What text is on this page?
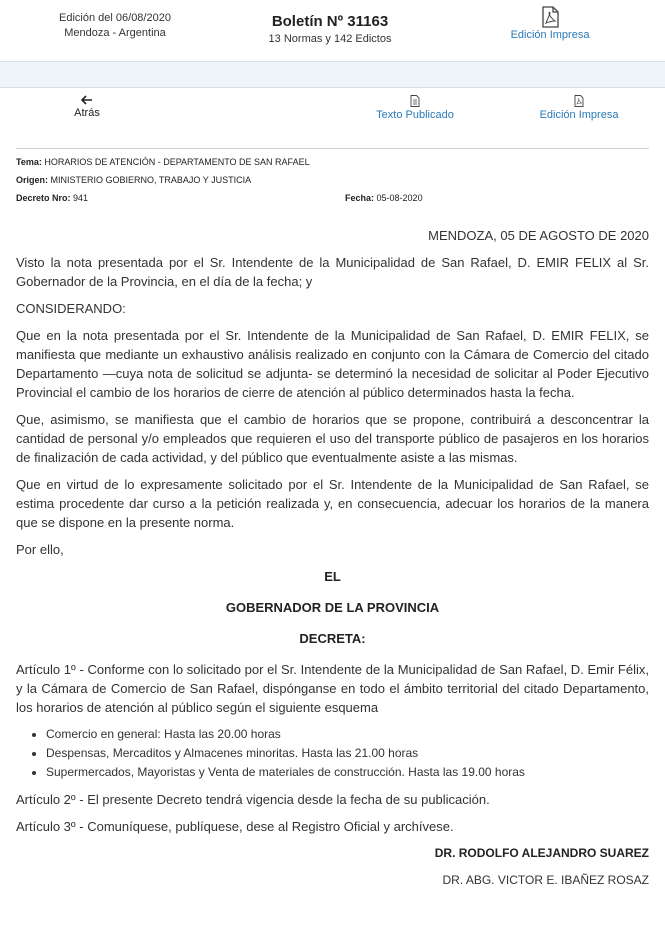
Edición del 06/08/2020
Mendoza - Argentina
Boletín Nº 31163
13 Normas y 142 Edictos	Edición Impresa
Atrás	Texto Publicado	Edición Impresa
Tema: HORARIOS DE ATENCIÓN - DEPARTAMENTO DE SAN RAFAEL
Origen: MINISTERIO GOBIERNO, TRABAJO Y JUSTICIA
Decreto Nro: 941	Fecha: 05-08-2020

MENDOZA, 05 DE AGOSTO DE 2020

Visto la nota presentada por el Sr. Intendente de la Municipalidad de San Rafael, D. EMIR FELIX al Sr. Gobernador de la Provincia, en el día de la fecha; y

CONSIDERANDO:

Que en la nota presentada por el Sr. Intendente de la Municipalidad de San Rafael, D. EMIR FELIX, se manifiesta que mediante un exhaustivo análisis realizado en conjunto con la Cámara de Comercio del citado Departamento —cuya nota de solicitud se adjunta- se determinó la necesidad de solicitar al Poder Ejecutivo Provincial el cambio de los horarios de cierre de atención al público determinados hasta la fecha.

Que, asimismo, se manifiesta que el cambio de horarios que se propone, contribuirá a desconcentrar la cantidad de personal y/o empleados que requieren el uso del transporte público de pasajeros en los horarios de finalización de cada actividad, y del público que eventualmente asiste a las mismas.

Que en virtud de lo expresamente solicitado por el Sr. Intendente de la Municipalidad de San Rafael, se estima procedente dar curso a la petición realizada y, en consecuencia, adecuar los horarios de la manera que se dispone en la presente norma.

Por ello,

EL
GOBERNADOR DE LA PROVINCIA
DECRETA:

Artículo 1º - Conforme con lo solicitado por el Sr. Intendente de la Municipalidad de San Rafael, D. Emir Félix, y la Cámara de Comercio de San Rafael, dispónganse en todo el ámbito territorial del citado Departamento, los horarios de atención al público según el siguiente esquema

• Comercio en general: Hasta las 20.00 horas
• Despensas, Mercaditos y Almacenes minoritas. Hasta las 21.00 horas
• Supermercados, Mayoristas y Venta de materiales de construcción. Hasta las 19.00 horas

Artículo 2º - El presente Decreto tendrá vigencia desde la fecha de su publicación.

Artículo 3º - Comuníquese, publíquese, dese al Registro Oficial y archívese.

DR. RODOLFO ALEJANDRO SUAREZ
DR. ABG. VICTOR E. IBAÑEZ ROSAZ
